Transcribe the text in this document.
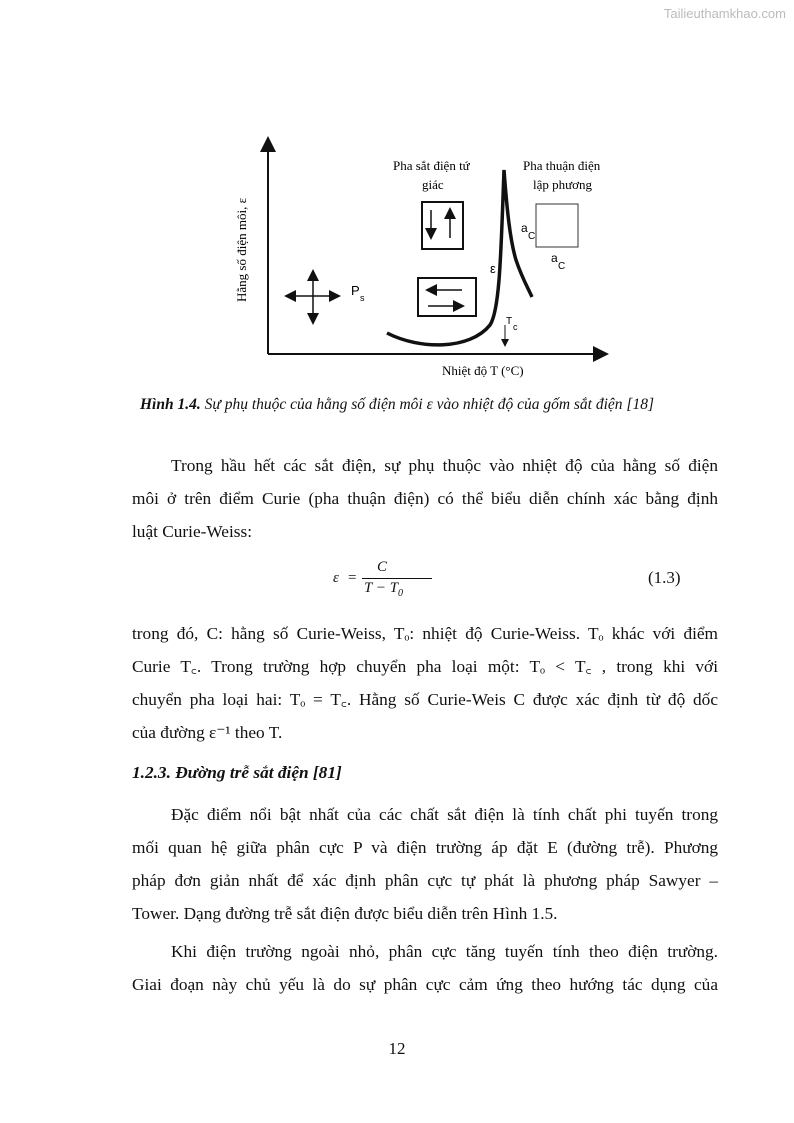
Tailieuthamkhao.com
Hằng số điện môi, ε
Nhiệt độ T (°C)
Pha sắt điện tứ
giác
Pha thuận điện
lập phương
a
C
a
C
ε
T c
P s
Hình 1.4. Sự phụ thuộc của hằng số điện môi ε vào nhiệt độ của gốm sắt điện [18]
Trong hầu hết các sắt điện, sự phụ thuộc vào nhiệt độ của hằng số điện
môi ở trên điểm Curie (pha thuận điện) có thể biểu diễn chính xác bằng định
luật Curie-Weiss:
ε =
C
$T - T_0$
(1.3)
trong đó, C: hằng số Curie-Weiss, Tₒ: nhiệt độ Curie-Weiss. Tₒ khác với điểm
Curie T꜀. Trong trường hợp chuyển pha loại một: Tₒ < T꜀ , trong khi với
chuyển pha loại hai: Tₒ = T꜀. Hằng số Curie-Weis C được xác định từ độ dốc
của đường ε⁻¹ theo T.
1.2.3. Đường trễ sắt điện [81]
Đặc điểm nổi bật nhất của các chất sắt điện là tính chất phi tuyến trong
mối quan hệ giữa phân cực P và điện trường áp đặt E (đường trễ). Phương
pháp đơn giản nhất để xác định phân cực tự phát là phương pháp Sawyer –
Tower. Dạng đường trễ sắt điện được biểu diễn trên Hình 1.5.
Khi điện trường ngoài nhỏ, phân cực tăng tuyến tính theo điện trường.
Giai đoạn này chủ yếu là do sự phân cực cảm ứng theo hướng tác dụng của
12
